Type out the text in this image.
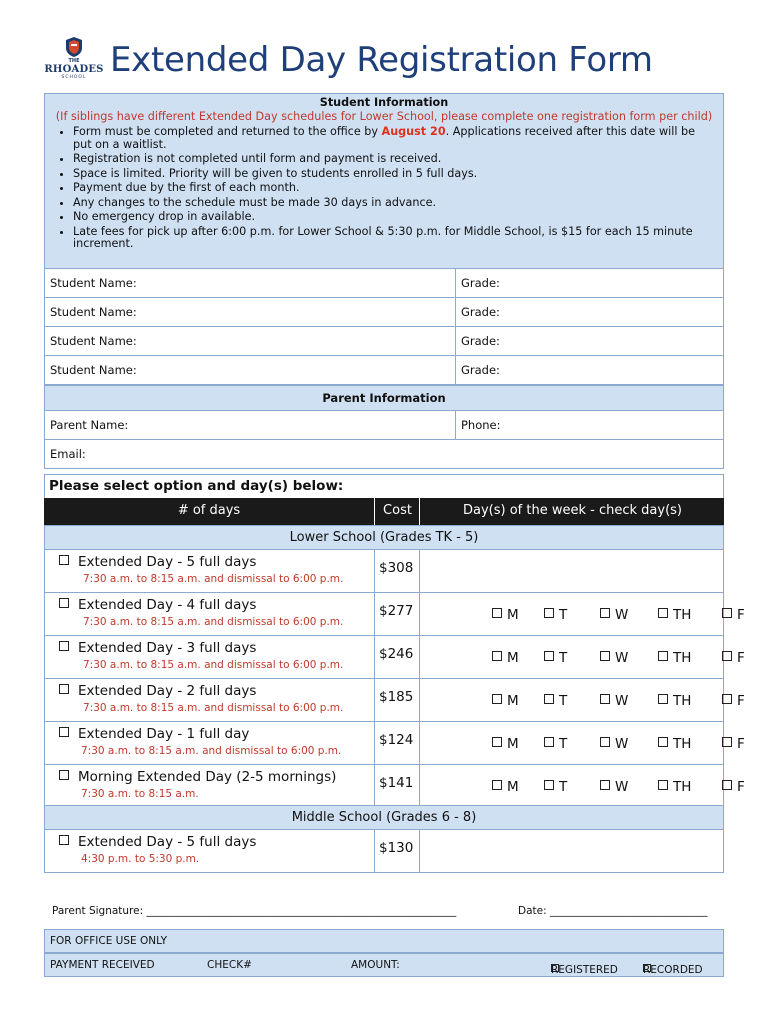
THE
RHOADES
SCHOOL Extended Day Registration Form
Student Information
(If siblings have different Extended Day schedules for Lower School, please complete one registration form per child)
• Form must be completed and returned to the office by August 20. Applications received after this date will be put on a waitlist.
• Registration is not completed until form and payment is received.
• Space is limited. Priority will be given to students enrolled in 5 full days.
• Payment due by the first of each month.
• Any changes to the schedule must be made 30 days in advance.
• No emergency drop in available.
• Late fees for pick up after 6:00 p.m. for Lower School & 5:30 p.m. for Middle School, is $15 for each 15 minute increment.
Student Name:	Grade:
Student Name:	Grade:
Student Name:	Grade:
Student Name:	Grade:
Parent Information
Parent Name:	Phone:
Email:
Please select option and day(s) below:
# of days	Cost	Day(s) of the week - check day(s)
Lower School (Grades TK - 5)
Extended Day - 5 full days
7:30 a.m. to 8:15 a.m. and dismissal to 6:00 p.m.
$308
Extended Day - 4 full days
7:30 a.m. to 8:15 a.m. and dismissal to 6:00 p.m.
$277	M	T	W	TH	F
Extended Day - 3 full days
7:30 a.m. to 8:15 a.m. and dismissal to 6:00 p.m.
$246	M	T	W	TH	F
Extended Day - 2 full days
7:30 a.m. to 8:15 a.m. and dismissal to 6:00 p.m.
$185	M	T	W	TH	F
Extended Day - 1 full day
7:30 a.m. to 8:15 a.m. and dismissal to 6:00 p.m.
$124	M	T	W	TH	F
Morning Extended Day (2-5 mornings)
7:30 a.m. to 8:15 a.m.
$141	M	T	W	TH	F
Middle School (Grades 6 - 8)
Extended Day - 5 full days
4:30 p.m. to 5:30 p.m.
$130
Parent Signature: ___________________________________________________________	Date: ______________________________
FOR OFFICE USE ONLY
PAYMENT RECEIVED	CHECK#	AMOUNT:	REGISTERED RECORDED
